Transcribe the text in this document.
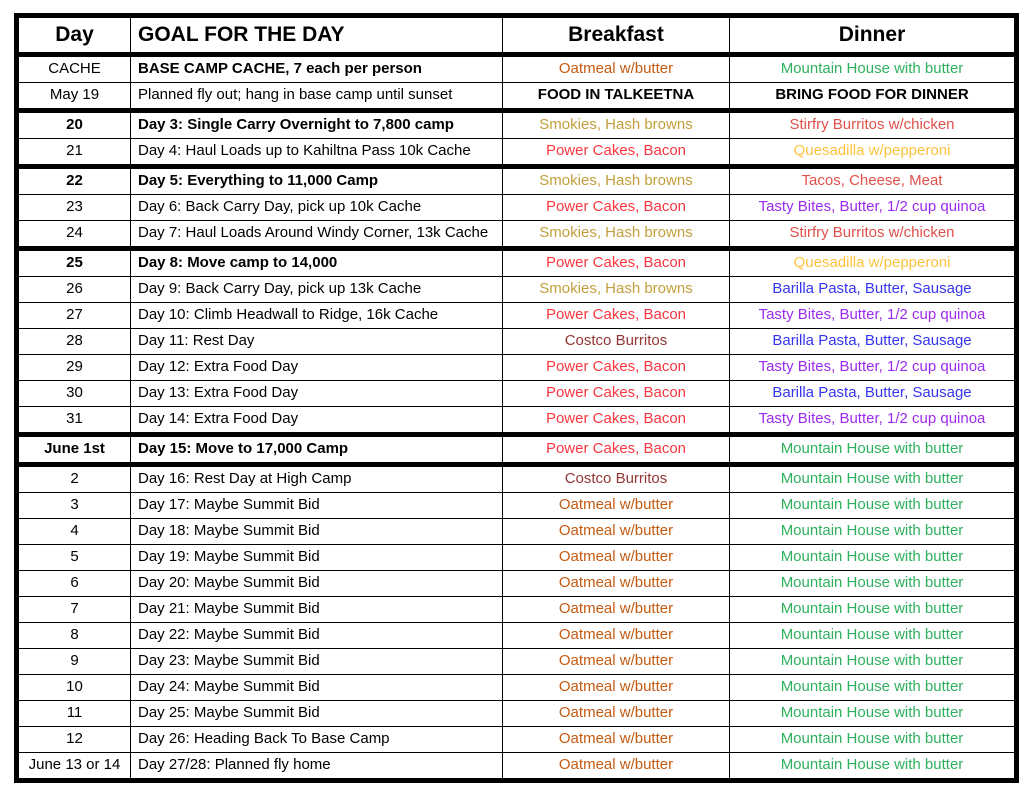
Day	GOAL FOR THE DAY	Breakfast	Dinner
CACHE	BASE CAMP CACHE, 7 each per person	Oatmeal w/butter	Mountain House with butter
May 19	Planned fly out; hang in base camp until sunset	FOOD IN TALKEETNA	BRING FOOD FOR DINNER
20	Day 3: Single Carry Overnight to 7,800 camp	Smokies, Hash browns	Stirfry Burritos w/chicken
21	Day 4: Haul Loads up to Kahiltna Pass 10k Cache	Power Cakes, Bacon	Quesadilla w/pepperoni
22	Day 5: Everything to 11,000 Camp	Smokies, Hash browns	Tacos, Cheese, Meat
23	Day 6: Back Carry Day, pick up 10k Cache	Power Cakes, Bacon	Tasty Bites, Butter, 1/2 cup quinoa
24	Day 7: Haul Loads Around Windy Corner, 13k Cache	Smokies, Hash browns	Stirfry Burritos w/chicken
25	Day 8: Move camp to 14,000	Power Cakes, Bacon	Quesadilla w/pepperoni
26	Day 9: Back Carry Day, pick up 13k Cache	Smokies, Hash browns	Barilla Pasta, Butter, Sausage
27	Day 10: Climb Headwall to Ridge, 16k Cache	Power Cakes, Bacon	Tasty Bites, Butter, 1/2 cup quinoa
28	Day 11: Rest Day	Costco Burritos	Barilla Pasta, Butter, Sausage
29	Day 12: Extra Food Day	Power Cakes, Bacon	Tasty Bites, Butter, 1/2 cup quinoa
30	Day 13: Extra Food Day	Power Cakes, Bacon	Barilla Pasta, Butter, Sausage
31	Day 14: Extra Food Day	Power Cakes, Bacon	Tasty Bites, Butter, 1/2 cup quinoa
June 1st	Day 15: Move to 17,000 Camp	Power Cakes, Bacon	Mountain House with butter
2	Day 16: Rest Day at High Camp	Costco Burritos	Mountain House with butter
3	Day 17: Maybe Summit Bid	Oatmeal w/butter	Mountain House with butter
4	Day 18: Maybe Summit Bid	Oatmeal w/butter	Mountain House with butter
5	Day 19: Maybe Summit Bid	Oatmeal w/butter	Mountain House with butter
6	Day 20: Maybe Summit Bid	Oatmeal w/butter	Mountain House with butter
7	Day 21: Maybe Summit Bid	Oatmeal w/butter	Mountain House with butter
8	Day 22: Maybe Summit Bid	Oatmeal w/butter	Mountain House with butter
9	Day 23: Maybe Summit Bid	Oatmeal w/butter	Mountain House with butter
10	Day 24: Maybe Summit Bid	Oatmeal w/butter	Mountain House with butter
11	Day 25: Maybe Summit Bid	Oatmeal w/butter	Mountain House with butter
12	Day 26: Heading Back To Base Camp	Oatmeal w/butter	Mountain House with butter
June 13 or 14	Day 27/28: Planned fly home	Oatmeal w/butter	Mountain House with butter
